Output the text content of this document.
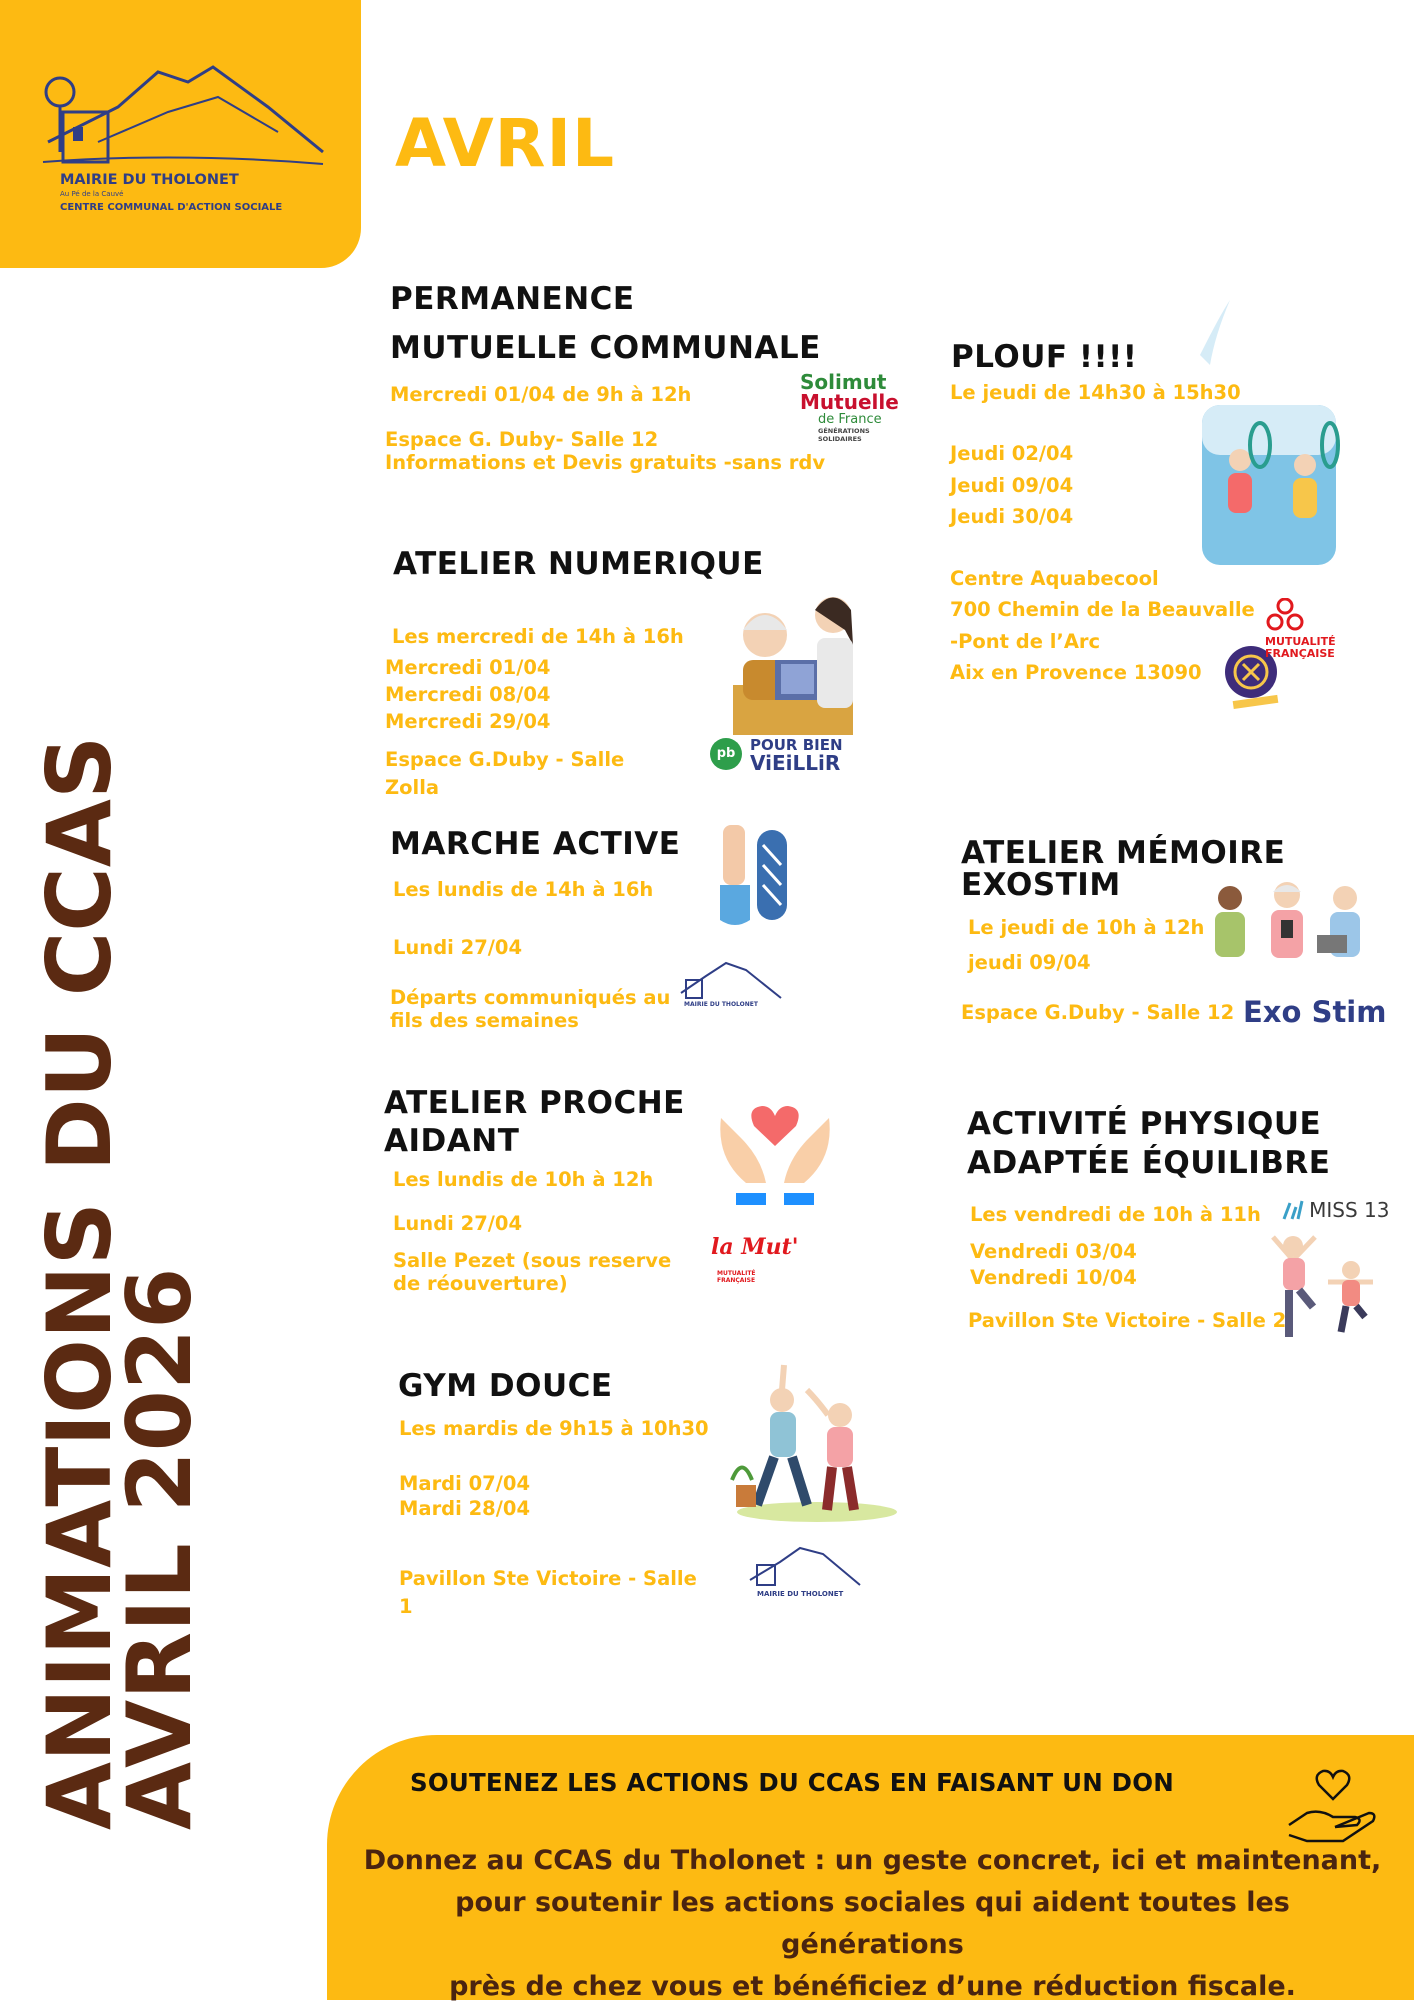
MAIRIE DU THOLONET
Au Pé de la Cauvé
CENTRE COMMUNAL D'ACTION SOCIALE
AVRIL
ANIMATIONS DU CCAS
AVRIL 2026
PERMANENCE
MUTUELLE COMMUNALE
Mercredi 01/04 de 9h à 12h
Espace G. Duby- Salle 12
Informations et Devis gratuits -sans rdv
Solimut
Mutuelle
de France
GÉNÉRATIONS SOLIDAIRES
ATELIER NUMERIQUE
Les mercredi de 14h à 16h
Mercredi 01/04
Mercredi 08/04
Mercredi 29/04
Espace G.Duby - Salle
Zolla
pb POUR BIEN
ViEiLLiR
MARCHE ACTIVE
Les lundis de 14h à 16h
Lundi 27/04
Départs communiqués au
fils des semaines
MAIRIE DU THOLONET
ATELIER PROCHE
AIDANT
Les lundis de 10h à 12h
Lundi 27/04
Salle Pezet (sous reserve
de réouverture)
la Mut'
MUTUALITÉ FRANÇAISE
GYM DOUCE
Les mardis de 9h15 à 10h30
Mardi 07/04
Mardi 28/04
Pavillon Ste Victoire - Salle
1
MAIRIE DU THOLONET
PLOUF !!!!
Le jeudi de 14h30 à 15h30
Jeudi 02/04
Jeudi 09/04
Jeudi 30/04
Centre Aquabecool
700 Chemin de la Beauvalle
-Pont de l’Arc
Aix en Provence 13090
MUTUALITÉ
FRANÇAISE
ATELIER MÉMOIRE
EXOSTIM
Le jeudi de 10h à 12h
jeudi 09/04
Espace G.Duby - Salle 12 Exo Stim
ACTIVITÉ PHYSIQUE
ADAPTÉE ÉQUILIBRE
Les vendredi de 10h à 11h
Vendredi 03/04
Vendredi 10/04
Pavillon Ste Victoire - Salle 2
MISS 13
SOUTENEZ LES ACTIONS DU CCAS EN FAISANT UN DON
Donnez au CCAS du Tholonet : un geste concret, ici et maintenant,
pour soutenir les actions sociales qui aident toutes les générations
près de chez vous et bénéficiez d’une réduction fiscale.
